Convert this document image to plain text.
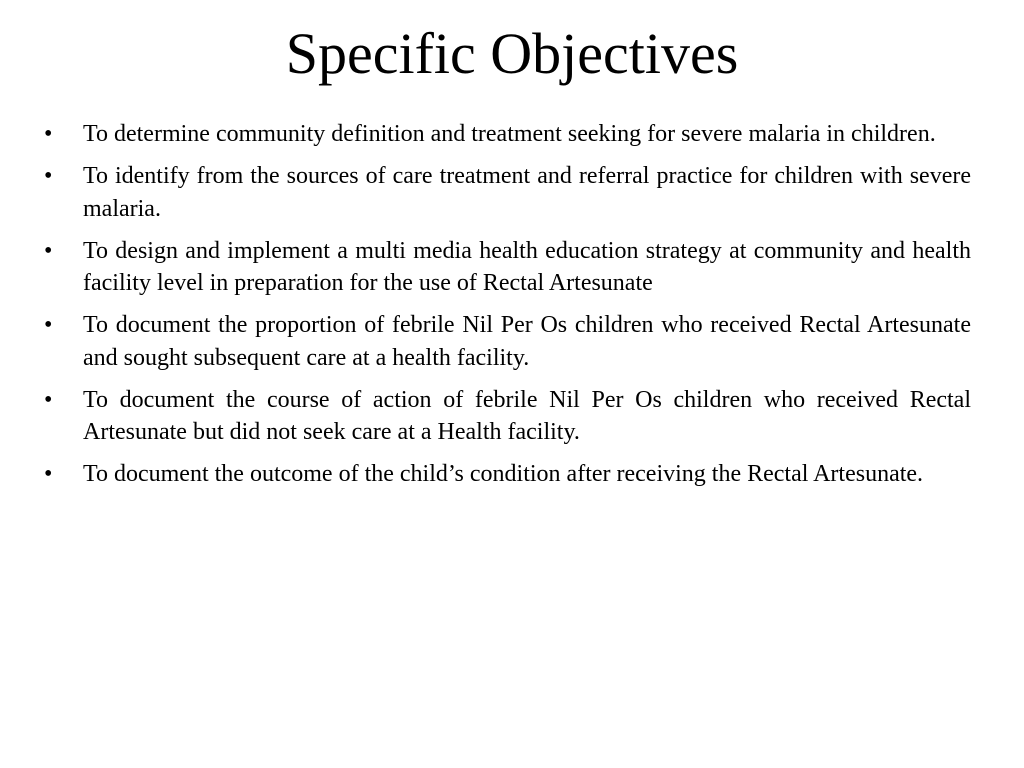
Specific Objectives
•	To determine community definition and treatment seeking for severe malaria in children.
•	To identify from the sources of care treatment and referral practice for children with severe malaria.
•	To design and implement a multi media health education strategy at community and health facility level in preparation for the use of Rectal Artesunate
•	To document the proportion of febrile Nil Per Os children who received Rectal Artesunate and sought subsequent care at a health facility.
•	To document the course of action of febrile Nil Per Os children who received Rectal Artesunate but did not seek care at a Health facility.
•	To document the outcome of the child’s condition after receiving the Rectal Artesunate.
